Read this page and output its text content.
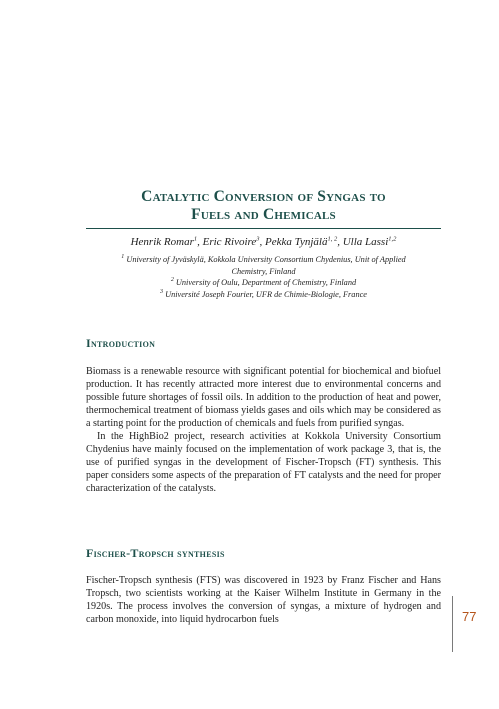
Catalytic Conversion of Syngas to
Fuels and Chemicals
Henrik Romar$^1$, Eric Rivoire$^3$, Pekka Tynjälä$^{1, 2}$, Ulla Lassi$^{1,2}$

$^1$ University of Jyväskylä, Kokkola University Consortium Chydenius, Unit of Applied

Chemistry, Finland

$^2$ University of Oulu, Department of Chemistry, Finland

$^3$ Université Joseph Fourier, UFR de Chimie-Biologie, France

Introduction

Biomass is a renewable resource with significant potential for biochemical and biofuel production. It has recently attracted more interest due to environmental concerns and possible future shortages of fossil oils. In addition to the production of heat and power, thermochemical treatment of biomass yields gases and oils which may be considered as a starting point for the production of chemicals and fuels from purified syngas.

In the HighBio2 project, research activities at Kokkola University Consortium Chydenius have mainly focused on the implementation of work package 3, that is, the use of purified syngas in the development of Fischer-Tropsch (FT) synthesis. This paper considers some aspects of the preparation of FT catalysts and the need for proper characterization of the catalysts.

Fischer-Tropsch synthesis

Fischer-Tropsch synthesis (FTS) was discovered in 1923 by Franz Fischer and Hans Tropsch, two scientists working at the Kaiser Wilhelm Institute in Germany in the 1920s. The process involves the conversion of syngas, a mixture of hydrogen and carbon monoxide, into liquid hydrocarbon fuels	77
